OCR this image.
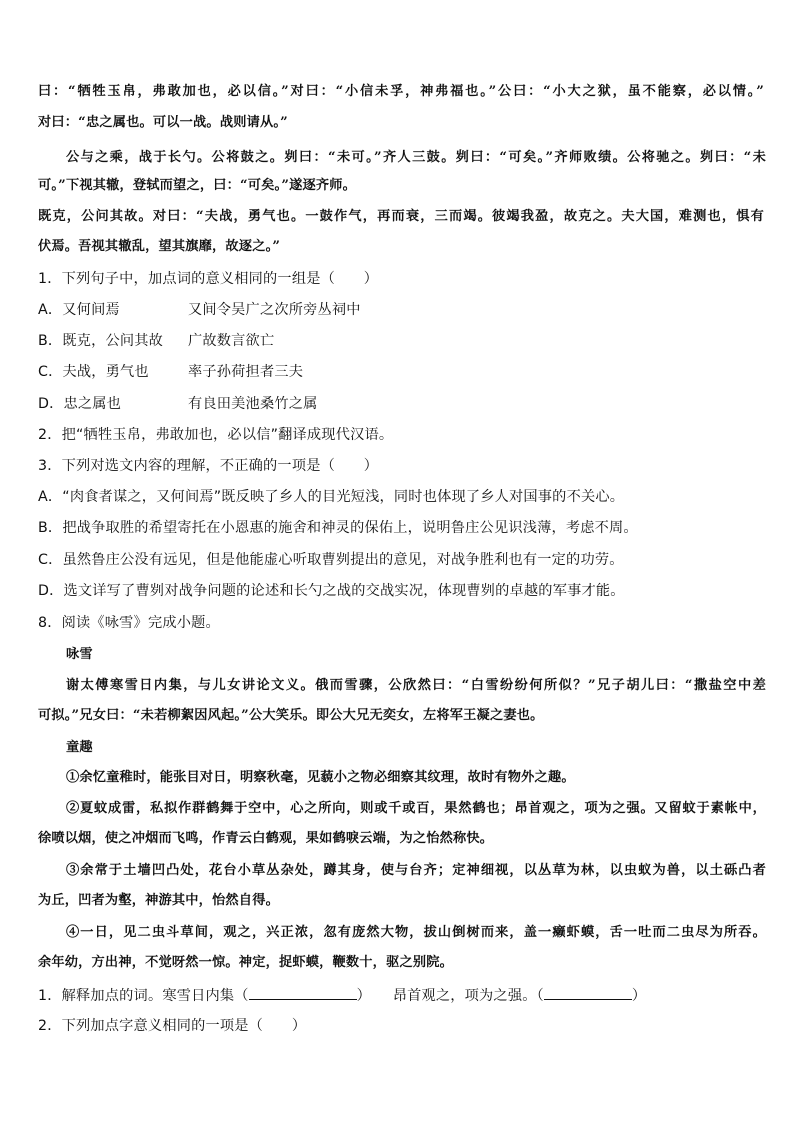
曰：“牺牲玉帛，弗敢加也，必以信。”对曰：“小信未孚，神弗福也。”公曰：“小大之狱，虽不能察，必以情。”
对曰：“忠之属也。可以一战。战则请从。”
公与之乘，战于长勺。公将鼓之。刿曰：“未可。”齐人三鼓。刿曰：“可矣。”齐师败绩。公将驰之。刿曰：“未
可。”下视其辙，登轼而望之，曰：“可矣。”遂逐齐师。
既克，公问其故。对曰：“夫战，勇气也。一鼓作气，再而衰，三而竭。彼竭我盈，故克之。夫大国，难测也，惧有
伏焉。吾视其辙乱，望其旗靡，故逐之。”
1．下列句子中，加点词的意义相同的一组是（　　）
A．又何间焉	又间令吴广之次所旁丛祠中
B．既克，公问其故 广故数言欲亡
C．夫战，勇气也	率子孙荷担者三夫
D．忠之属也	有良田美池桑竹之属
2．把“牺牲玉帛，弗敢加也，必以信”翻译成现代汉语。
3．下列对选文内容的理解，不正确的一项是（　　）
A．“肉食者谋之，又何间焉”既反映了乡人的目光短浅，同时也体现了乡人对国事的不关心。
B．把战争取胜的希望寄托在小恩惠的施舍和神灵的保佑上，说明鲁庄公见识浅薄，考虑不周。
C．虽然鲁庄公没有远见，但是他能虚心听取曹刿提出的意见，对战争胜利也有一定的功劳。
D．选文详写了曹刿对战争问题的论述和长勺之战的交战实况，体现曹刿的卓越的军事才能。
8．阅读《咏雪》完成小题。
咏雪
谢太傅寒雪日内集，与儿女讲论文义。俄而雪骤，公欣然曰：“白雪纷纷何所似？”兄子胡儿曰：“撒盐空中差
可拟。”兄女曰：“未若柳絮因风起。”公大笑乐。即公大兄无奕女，左将军王凝之妻也。
童趣
①余忆童稚时，能张目对日，明察秋毫，见藐小之物必细察其纹理，故时有物外之趣。
②夏蚊成雷，私拟作群鹤舞于空中，心之所向，则或千或百，果然鹤也；昂首观之，项为之强。又留蚊于素帐中，
徐喷以烟，使之冲烟而飞鸣，作青云白鹤观，果如鹤唳云端，为之怡然称快。
③余常于土墙凹凸处，花台小草丛杂处，蹲其身，使与台齐；定神细视，以丛草为林，以虫蚁为兽，以土砾凸者
为丘，凹者为壑，神游其中，怡然自得。
④一日，见二虫斗草间，观之，兴正浓，忽有庞然大物，拔山倒树而来，盖一癞虾蟆，舌一吐而二虫尽为所吞。
余年幼，方出神，不觉呀然一惊。神定，捉虾蟆，鞭数十，驱之别院。
1．解释加点的词。寒雪日内集（	）　　昂首观之，项为之强。（	）
2．下列加点字意义相同的一项是（　　）
